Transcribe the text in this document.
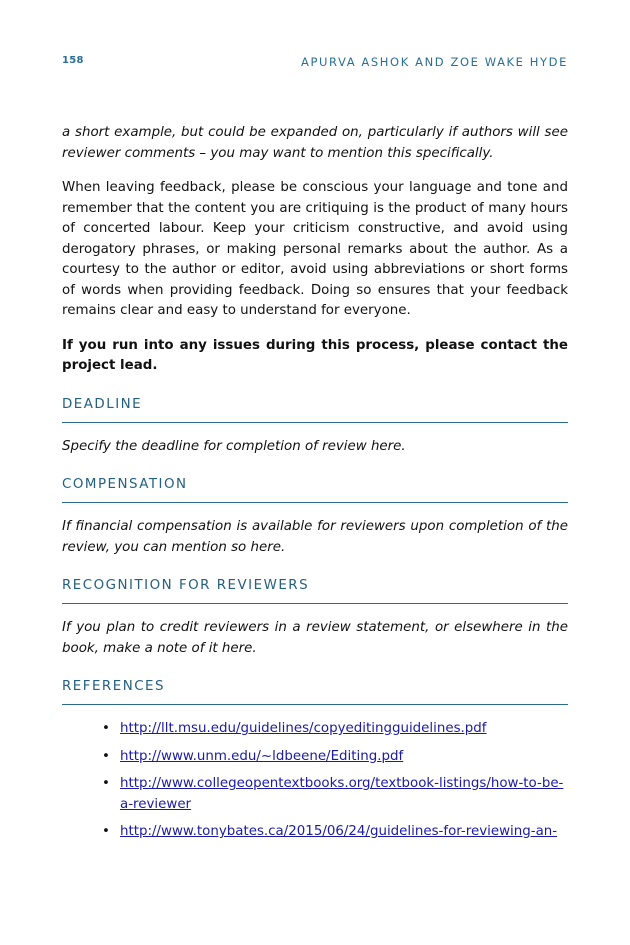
158	APURVA ASHOK AND ZOE WAKE HYDE

a short example, but could be expanded on, particularly if authors will see reviewer comments – you may want to mention this specifically.

When leaving feedback, please be conscious your language and tone and remember that the content you are critiquing is the product of many hours of concerted labour. Keep your criticism constructive, and avoid using derogatory phrases, or making personal remarks about the author. As a courtesy to the author or editor, avoid using abbreviations or short forms of words when providing feedback. Doing so ensures that your feedback remains clear and easy to understand for everyone.

If you run into any issues during this process, please contact the project lead.

DEADLINE

Specify the deadline for completion of review here.

COMPENSATION

If financial compensation is available for reviewers upon completion of the review, you can mention so here.

RECOGNITION FOR REVIEWERS

If you plan to credit reviewers in a review statement, or elsewhere in the book, make a note of it here.

REFERENCES
• http://llt.msu.edu/guidelines/copyeditingguidelines.pdf
• http://www.unm.edu/~ldbeene/Editing.pdf
• http://www.collegeopentextbooks.org/textbook-listings/how-to-be-a-reviewer
• http://www.tonybates.ca/2015/06/24/guidelines-for-reviewing-an-
